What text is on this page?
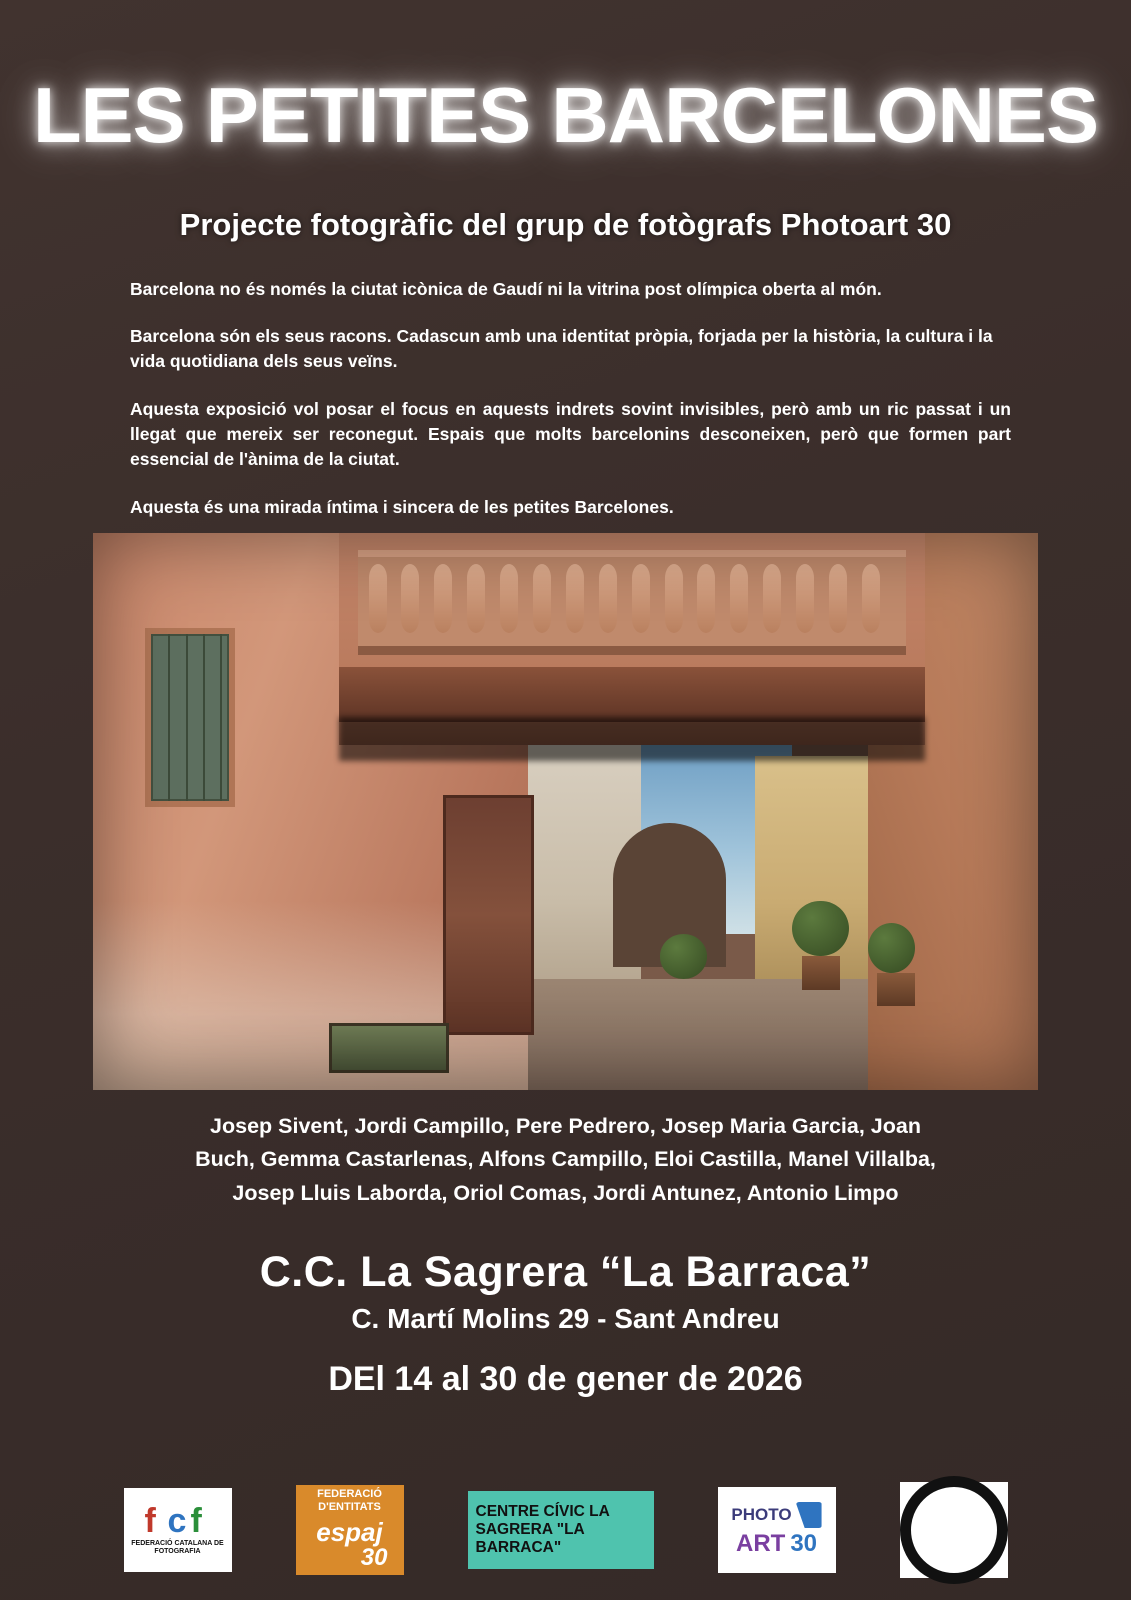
LES PETITES BARCELONES
Projecte fotogràfic del grup de fotògrafs Photoart 30

Barcelona no és només la ciutat icònica de Gaudí ni la vitrina post olímpica oberta al món.

Barcelona són els seus racons. Cadascun amb una identitat pròpia, forjada per la història, la cultura i la vida quotidiana dels seus veïns.

Aquesta exposició vol posar el focus en aquests indrets sovint invisibles, però amb un ric passat i un llegat que mereix ser reconegut. Espais que molts barcelonins desconeixen, però que formen part essencial de l'ànima de la ciutat.

Aquesta és una mirada íntima i sincera de les petites Barcelones.

Josep Sivent, Jordi Campillo, Pere Pedrero, Josep Maria Garcia, Joan
Buch, Gemma Castarlenas, Alfons Campillo, Eloi Castilla, Manel Villalba,
Josep Lluis Laborda, Oriol Comas, Jordi Antunez, Antonio Limpo
C.C. La Sagrera “La Barraca”
C. Martí Molins 29 - Sant Andreu
DEl 14 al 30 de gener de 2026
f c f
FEDERACIÓ CATALANA DE FOTOGRAFIA
FEDERACIÓ
D'ENTITATS
espaj
30
CENTRE CÍVIC LA SAGRERA "LA BARRACA"
PHOTO
ART 30
